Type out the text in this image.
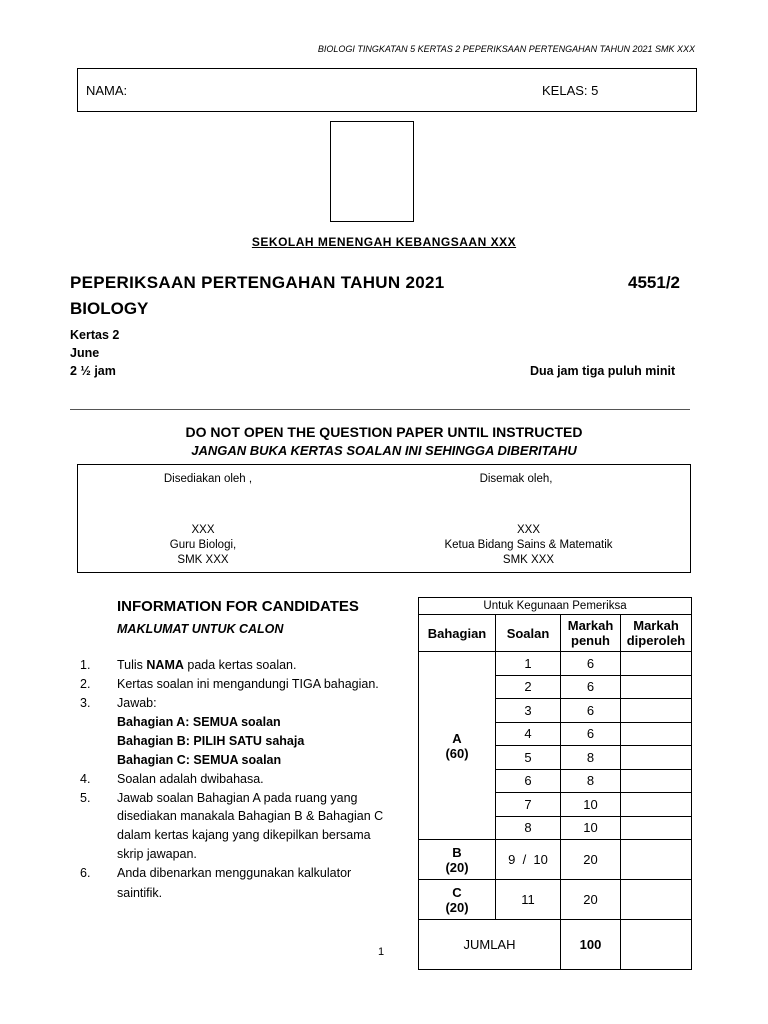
BIOLOGI TINGKATAN 5 KERTAS 2 PEPERIKSAAN PERTENGAHAN TAHUN 2021 SMK XXX
NAMA:	KELAS: 5
SEKOLAH MENENGAH KEBANGSAAN XXX
PEPERIKSAAN PERTENGAHAN TAHUN 2021	4551/2
BIOLOGY
Kertas 2
June
2 ½ jam	Dua jam tiga puluh minit
DO NOT OPEN THE QUESTION PAPER UNTIL INSTRUCTED
JANGAN BUKA KERTAS SOALAN INI SEHINGGA DIBERITAHU
Disediakan oleh ,
XXX
Guru Biologi,
SMK XXX
Disemak oleh,
XXX
Ketua Bidang Sains & Matematik
SMK XXX
INFORMATION FOR CANDIDATES
MAKLUMAT UNTUK CALON
1. Tulis NAMA pada kertas soalan.
2. Kertas soalan ini mengandungi TIGA bahagian.
3. Jawab:
Bahagian A: SEMUA soalan
Bahagian B: PILIH SATU sahaja
Bahagian C: SEMUA soalan
4. Soalan adalah dwibahasa.
5. Jawab soalan Bahagian A pada ruang yang
disediakan manakala Bahagian B & Bahagian C
dalam kertas kajang yang dikepilkan bersama
skrip jawapan.
6. Anda dibenarkan menggunakan kalkulator
saintifik.
Untuk Kegunaan Pemeriksa			
Bahagian	Soalan	Markah penuh	Markah diperoleh

A
(60)	1	6	
	2	6	
	3	6	
	4	6	
	5	8	
	6	8	
	7	10	
	8	10	

B
(20)	9  /  10	20	

C
(20)	11	20	
JUMLAH		100	
1
